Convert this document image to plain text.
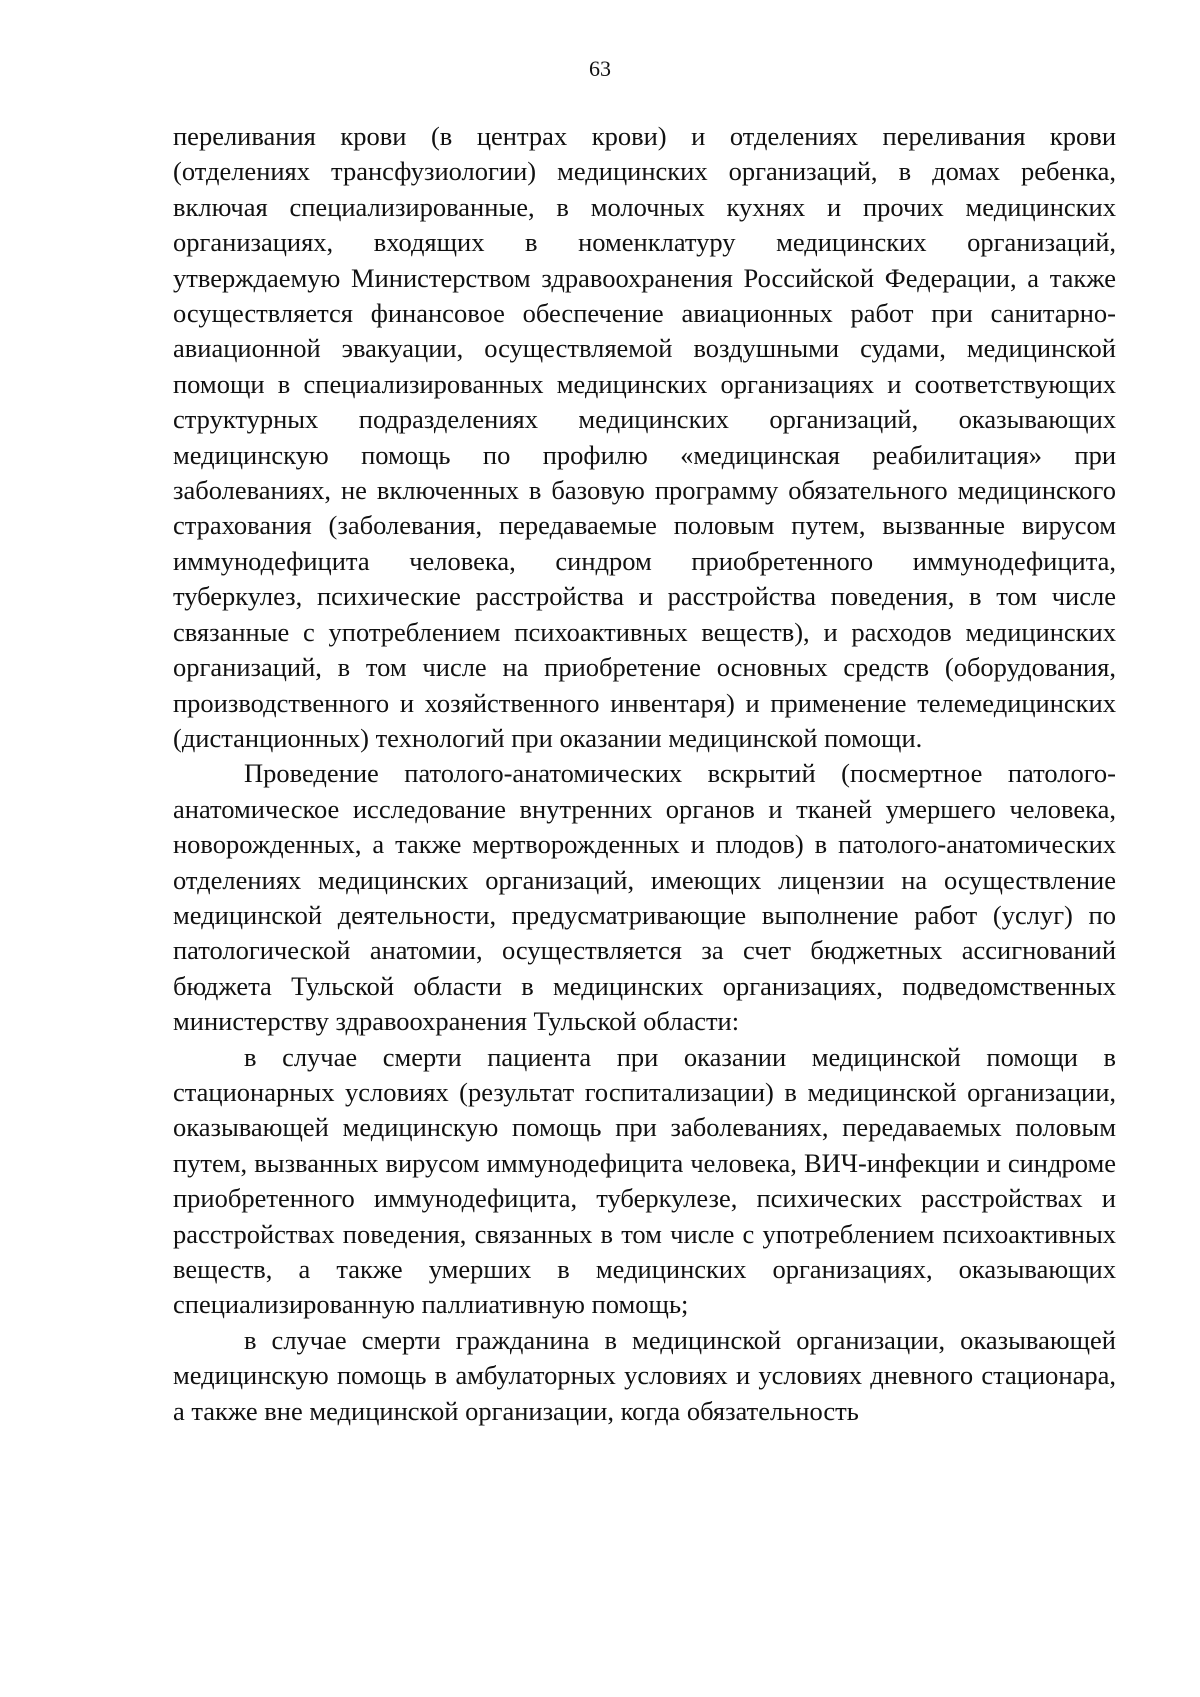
63

переливания крови (в центрах крови) и отделениях переливания крови (отделениях трансфузиологии) медицинских организаций, в домах ребенка, включая специализированные, в молочных кухнях и прочих медицинских организациях, входящих в номенклатуру медицинских организаций, утверждаемую Министерством здравоохранения Российской Федерации, а также осуществляется финансовое обеспечение авиационных работ при санитарно-авиационной эвакуации, осуществляемой воздушными судами, медицинской помощи в специализированных медицинских организациях и соответствующих структурных подразделениях медицинских организаций, оказывающих медицинскую помощь по профилю «медицинская реабилитация» при заболеваниях, не включенных в базовую программу обязательного медицинского страхования (заболевания, передаваемые половым путем, вызванные вирусом иммунодефицита человека, синдром приобретенного иммунодефицита, туберкулез, психические расстройства и расстройства поведения, в том числе связанные с употреблением психоактивных веществ), и расходов медицинских организаций, в том числе на приобретение основных средств (оборудования, производственного и хозяйственного инвентаря) и применение телемедицинских (дистанционных) технологий при оказании медицинской помощи.

Проведение патолого-анатомических вскрытий (посмертное патолого-анатомическое исследование внутренних органов и тканей умершего человека, новорожденных, а также мертворожденных и плодов) в патолого-анатомических отделениях медицинских организаций, имеющих лицензии на осуществление медицинской деятельности, предусматривающие выполнение работ (услуг) по патологической анатомии, осуществляется за счет бюджетных ассигнований бюджета Тульской области в медицинских организациях, подведомственных министерству здравоохранения Тульской области:

в случае смерти пациента при оказании медицинской помощи в стационарных условиях (результат госпитализации) в медицинской организации, оказывающей медицинскую помощь при заболеваниях, передаваемых половым путем, вызванных вирусом иммунодефицита человека, ВИЧ-инфекции и синдроме приобретенного иммунодефицита, туберкулезе, психических расстройствах и расстройствах поведения, связанных в том числе с употреблением психоактивных веществ, а также умерших в медицинских организациях, оказывающих специализированную паллиативную помощь;

в случае смерти гражданина в медицинской организации, оказывающей медицинскую помощь в амбулаторных условиях и условиях дневного стационара, а также вне медицинской организации, когда обязательность
